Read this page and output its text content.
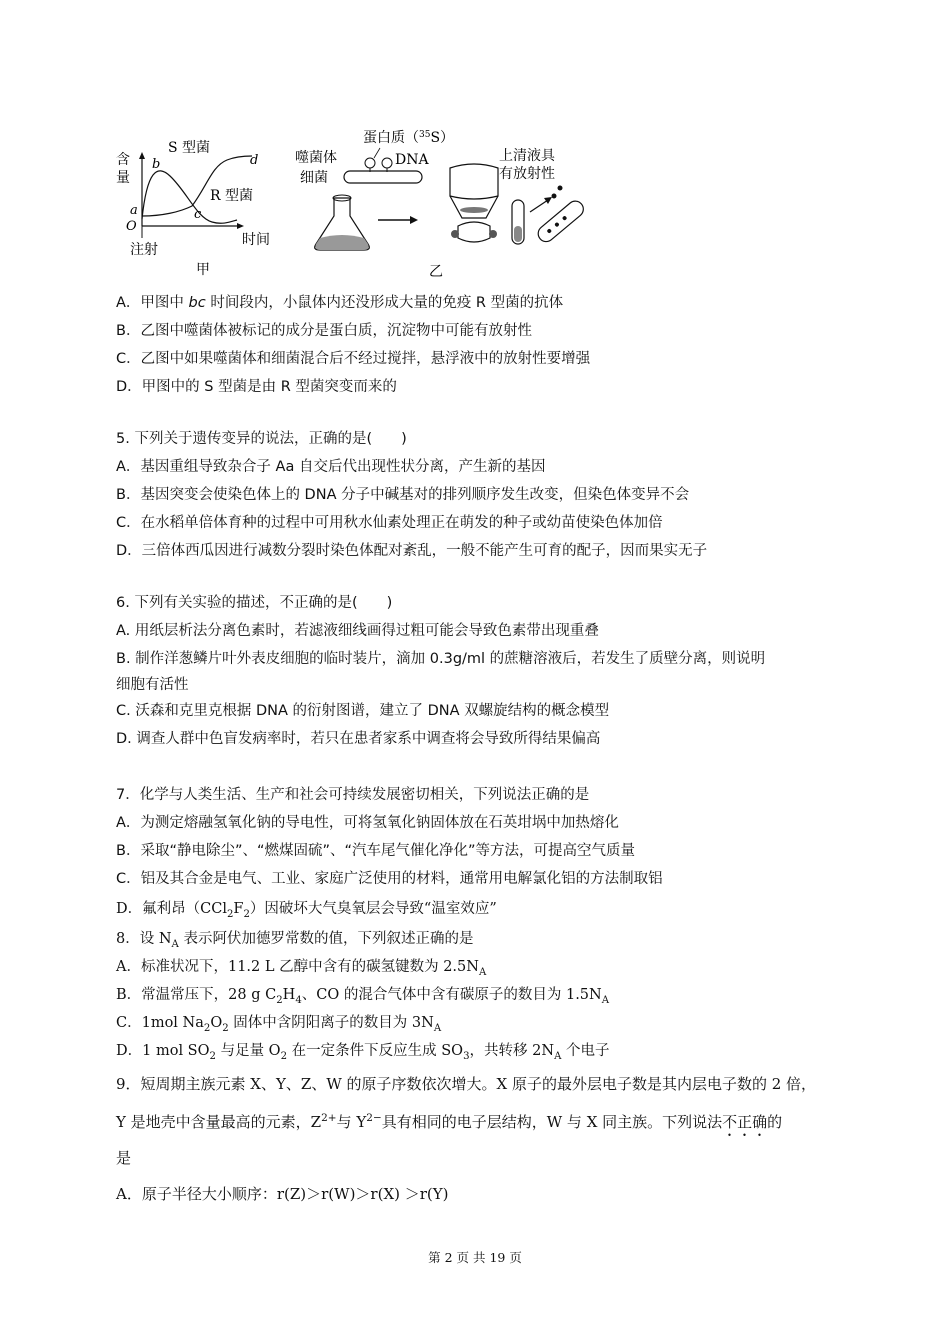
含
量
S 型菌
R 型菌
a
b
c
d
O
时间
注射
甲
蛋白质（$^{35}$S）
噬菌体	DNA
细菌
上清液具
有放射性
乙
A．甲图中 bc 时间段内，小鼠体内还没形成大量的免疫 R 型菌的抗体
B．乙图中噬菌体被标记的成分是蛋白质，沉淀物中可能有放射性
C．乙图中如果噬菌体和细菌混合后不经过搅拌，悬浮液中的放射性要增强
D．甲图中的 S 型菌是由 R 型菌突变而来的
5. 下列关于遗传变异的说法，正确的是(　　)
A．基因重组导致杂合子 Aa 自交后代出现性状分离，产生新的基因
B．基因突变会使染色体上的 DNA 分子中碱基对的排列顺序发生改变，但染色体变异不会
C．在水稻单倍体育种的过程中可用秋水仙素处理正在萌发的种子或幼苗使染色体加倍
D．三倍体西瓜因进行减数分裂时染色体配对紊乱，一般不能产生可育的配子，因而果实无子
6. 下列有关实验的描述，不正确的是(　　)
A. 用纸层析法分离色素时，若滤液细线画得过粗可能会导致色素带出现重叠
B. 制作洋葱鳞片叶外表皮细胞的临时装片，滴加 0.3g/ml 的蔗糖溶液后，若发生了质壁分离，则说明
细胞有活性
C. 沃森和克里克根据 DNA 的衍射图谱，建立了 DNA 双螺旋结构的概念模型
D. 调查人群中色盲发病率时，若只在患者家系中调查将会导致所得结果偏高
7．化学与人类生活、生产和社会可持续发展密切相关，下列说法正确的是
A．为测定熔融氢氧化钠的导电性，可将氢氧化钠固体放在石英坩埚中加热熔化
B．采取“静电除尘”、“燃煤固硫”、“汽车尾气催化净化”等方法，可提高空气质量
C．铝及其合金是电气、工业、家庭广泛使用的材料，通常用电解氯化铝的方法制取铝
D．氟利昂$(CCl_2F_2)$因破坏大气臭氧层会导致“温室效应”
8．设 $N_A$ 表示阿伏加德罗常数的值，下列叙述正确的是
A．标准状况下，11.2 L 乙醇中含有的碳氢键数为 $2.5N_A$
B．常温常压下，28 g $C_2H_4$、CO 的混合气体中含有碳原子的数目为 $1.5N_A$
C．1mol $Na_2O_2$ 固体中含阴阳离子的数目为 $3N_A$
D．1 mol $SO_2$ 与足量 $O_2$ 在一定条件下反应生成 $SO_3$，共转移 $2N_A$ 个电子
9．短周期主族元素 X、Y、Z、W 的原子序数依次增大。X 原子的最外层电子数是其内层电子数的 2 倍，
Y 是地壳中含量最高的元素，$Z^{2+}$与 $Y^{2-}$具有相同的电子层结构，W 与 X 同主族。下列说法不正确的
是
A．原子半径大小顺序：r(Z)＞r(W)＞r(X) ＞r(Y)
第 2 页 共 19 页
